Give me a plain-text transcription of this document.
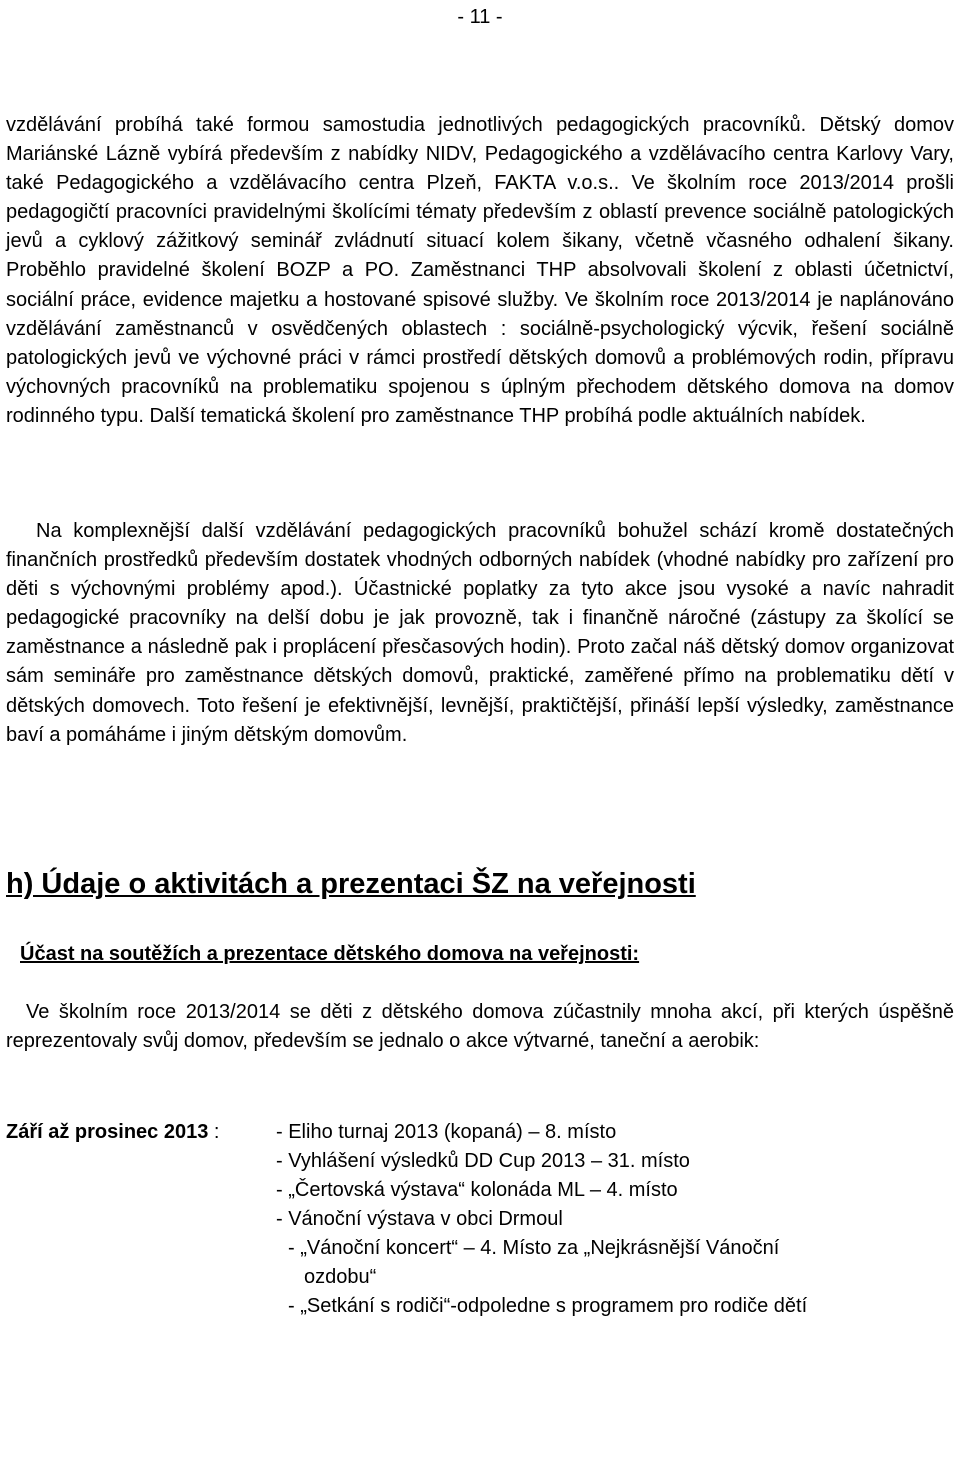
- 11 -

vzdělávání probíhá také formou samostudia jednotlivých pedagogických pracovníků. Dětský domov Mariánské Lázně vybírá především z nabídky NIDV, Pedagogického a vzdělávacího centra Karlovy Vary, také Pedagogického a vzdělávacího centra Plzeň, FAKTA v.o.s.. Ve školním roce 2013/2014 prošli pedagogičtí pracovníci pravidelnými školícími tématy především z oblastí prevence sociálně patologických jevů a cyklový zážitkový seminář zvládnutí situací kolem šikany, včetně včasného odhalení šikany. Proběhlo pravidelné školení BOZP a PO. Zaměstnanci THP absolvovali školení z oblasti účetnictví, sociální práce, evidence majetku a hostované spisové služby. Ve školním roce 2013/2014 je naplánováno vzdělávání zaměstnanců v osvědčených oblastech : sociálně-psychologický výcvik, řešení sociálně patologických jevů ve výchovné práci v rámci prostředí dětských domovů a problémových rodin, přípravu výchovných pracovníků na problematiku spojenou s úplným přechodem dětského domova na domov rodinného typu. Další tematická školení pro zaměstnance THP probíhá podle aktuálních nabídek.

Na komplexnější další vzdělávání pedagogických pracovníků bohužel schází kromě dostatečných finančních prostředků především dostatek vhodných odborných nabídek (vhodné nabídky pro zařízení pro děti s výchovnými problémy apod.). Účastnické poplatky za tyto akce jsou vysoké a navíc nahradit pedagogické pracovníky na delší dobu je jak provozně, tak i finančně náročné (zástupy za školící se zaměstnance a následně pak i proplácení přesčasových hodin). Proto začal náš dětský domov organizovat sám semináře pro zaměstnance dětských domovů, praktické, zaměřené přímo na problematiku dětí v dětských domovech. Toto řešení je efektivnější, levnější, praktičtější, přináší lepší výsledky, zaměstnance baví a pomáháme i jiným dětským domovům.

h) Údaje o aktivitách a prezentaci ŠZ na veřejnosti
Účast na soutěžích a prezentace dětského domova na veřejnosti:

Ve školním roce 2013/2014 se děti z dětského domova zúčastnily mnoha akcí, při kterých úspěšně reprezentovaly svůj domov, především se jednalo o akce výtvarné, taneční a aerobik:

Září až prosinec 2013 :	- Eliho turnaj 2013 (kopaná) – 8. místo
- Vyhlášení výsledků DD Cup 2013 – 31. místo
- „Čertovská výstava“ kolonáda ML – 4. místo
- Vánoční výstava v obci Drmoul
- „Vánoční koncert“ – 4. Místo za „Nejkrásnější Vánoční
ozdobu“
- „Setkání s rodiči“-odpoledne s programem pro rodiče dětí
